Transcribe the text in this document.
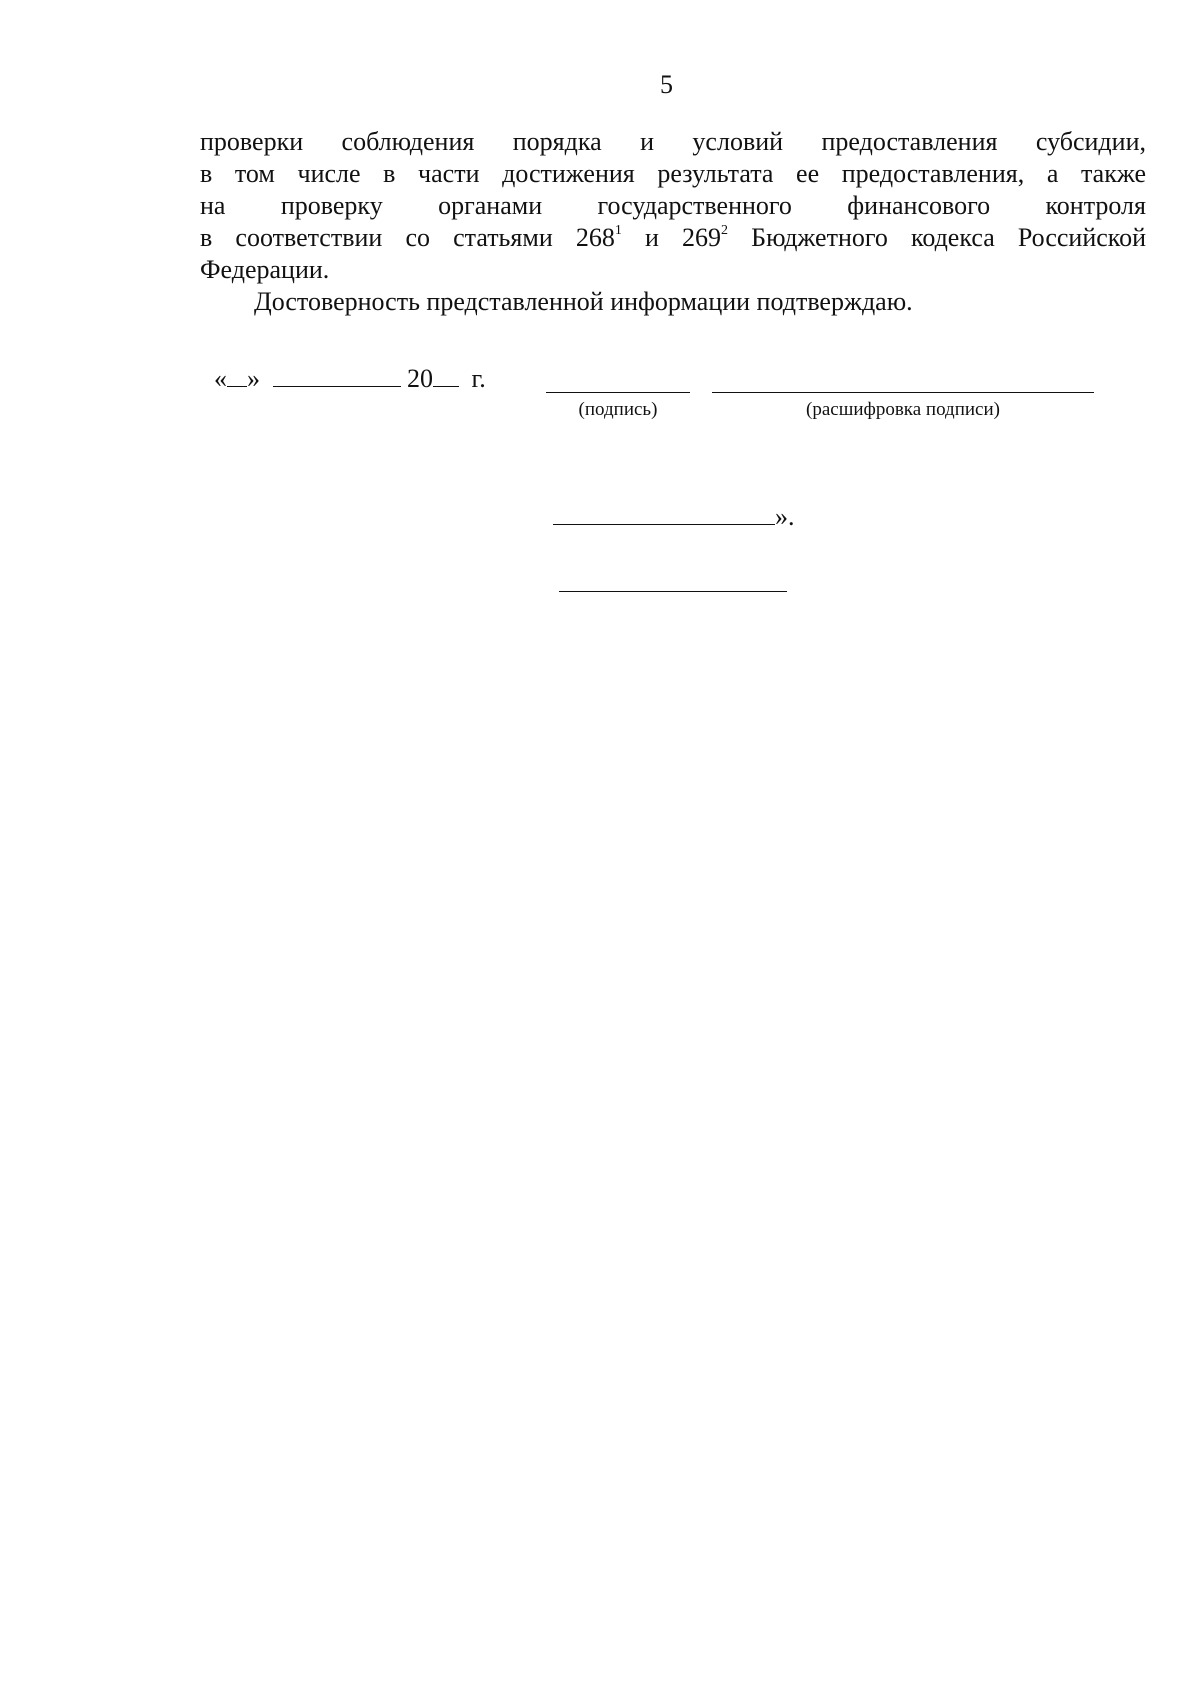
5
проверки соблюдения порядка и условий предоставления субсидии,
в том числе в части достижения результата ее предоставления, а также
на проверку органами государственного финансового контроля
в соответствии со статьями $268^1$ и $269^2$ Бюджетного кодекса Российской
Федерации.
Достоверность представленной информации подтверждаю.
« »	20 г.
(подпись)	(расшифровка подписи)
».
